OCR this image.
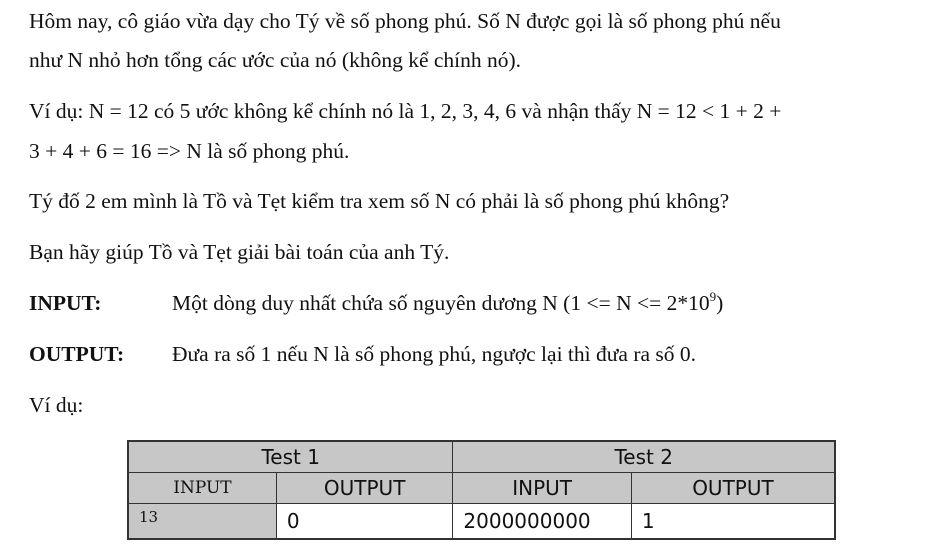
Hôm nay, cô giáo vừa dạy cho Tý về số phong phú. Số N được gọi là số phong phú nếu
như N nhỏ hơn tổng các ước của nó (không kể chính nó).
Ví dụ: N = 12 có 5 ước không kể chính nó là 1, 2, 3, 4, 6 và nhận thấy N = 12 < 1 + 2 +
3 + 4 + 6 = 16 => N là số phong phú.
Tý đố 2 em mình là Tồ và Tẹt kiểm tra xem số N có phải là số phong phú không?
Bạn hãy giúp Tồ và Tẹt giải bài toán của anh Tý.
INPUT:	Một dòng duy nhất chứa số nguyên dương N $(1 <= N <= 2*10^9)$
OUTPUT: Đưa ra số 1 nếu N là số phong phú, ngược lại thì đưa ra số 0.
Ví dụ:
Test 1		Test 2	
INPUT	OUTPUT	INPUT	OUTPUT
13	0	2000000000	1
